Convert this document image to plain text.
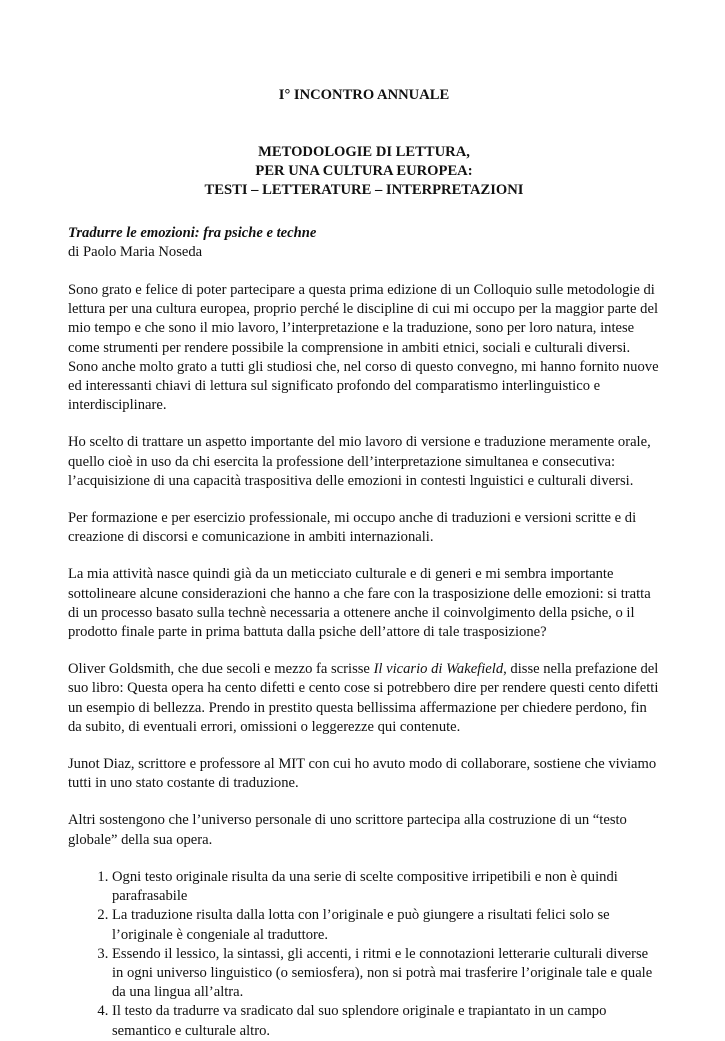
I° INCONTRO ANNUALE
METODOLOGIE DI LETTURA,
PER UNA CULTURA EUROPEA:
TESTI – LETTERATURE – INTERPRETAZIONI
Tradurre le emozioni: fra psiche e techne
di Paolo Maria Noseda

Sono grato e felice di poter partecipare a questa prima edizione di un Colloquio sulle metodologie di lettura per una cultura europea, proprio perché le discipline di cui mi occupo per la maggior parte del mio tempo e che sono il mio lavoro, l’interpretazione e la traduzione, sono per loro natura, intese come strumenti per rendere possibile la comprensione in ambiti etnici, sociali e culturali diversi. Sono anche molto grato a tutti gli studiosi che, nel corso di questo convegno, mi hanno fornito nuove ed interessanti chiavi di lettura sul significato profondo del comparatismo interlinguistico e interdisciplinare.

Ho scelto di trattare un aspetto importante del mio lavoro di versione e traduzione meramente orale, quello cioè in uso da chi esercita la professione dell’interpretazione simultanea e consecutiva: l’acquisizione di una capacità traspositiva delle emozioni in contesti lnguistici e culturali diversi.

Per formazione e per esercizio professionale, mi occupo anche di traduzioni e versioni scritte e di creazione di discorsi e comunicazione in ambiti internazionali.

La mia attività nasce quindi già da un meticciato culturale e di generi e mi sembra importante sottolineare alcune considerazioni che hanno a che fare con la trasposizione delle emozioni: si tratta di un processo basato sulla technè necessaria a ottenere anche il coinvolgimento della psiche, o il prodotto finale parte in prima battuta dalla psiche dell’attore di tale trasposizione?

Oliver Goldsmith, che due secoli e mezzo fa scrisse Il vicario di Wakefield, disse nella prefazione del suo libro: Questa opera ha cento difetti e cento cose si potrebbero dire per rendere questi cento difetti un esempio di bellezza. Prendo in prestito questa bellissima affermazione per chiedere perdono, fin da subito, di eventuali errori, omissioni o leggerezze qui contenute.

Junot Diaz, scrittore e professore al MIT con cui ho avuto modo di collaborare, sostiene che viviamo tutti in uno stato costante di traduzione.

Altri sostengono che l’universo personale di uno scrittore partecipa alla costruzione di un “testo globale” della sua opera.

1. Ogni testo originale risulta da una serie di scelte compositive irripetibili e non è quindi parafrasabile
2. La traduzione risulta dalla lotta con l’originale e può giungere a risultati felici solo se l’originale è congeniale al traduttore.
3. Essendo il lessico, la sintassi, gli accenti, i ritmi e le connotazioni letterarie culturali diverse in ogni universo linguistico (o semiosfera), non si potrà mai trasferire l’originale tale e quale da una lingua all’altra.
4. Il testo da tradurre va sradicato dal suo splendore originale e trapiantato in un campo semantico e culturale altro.
